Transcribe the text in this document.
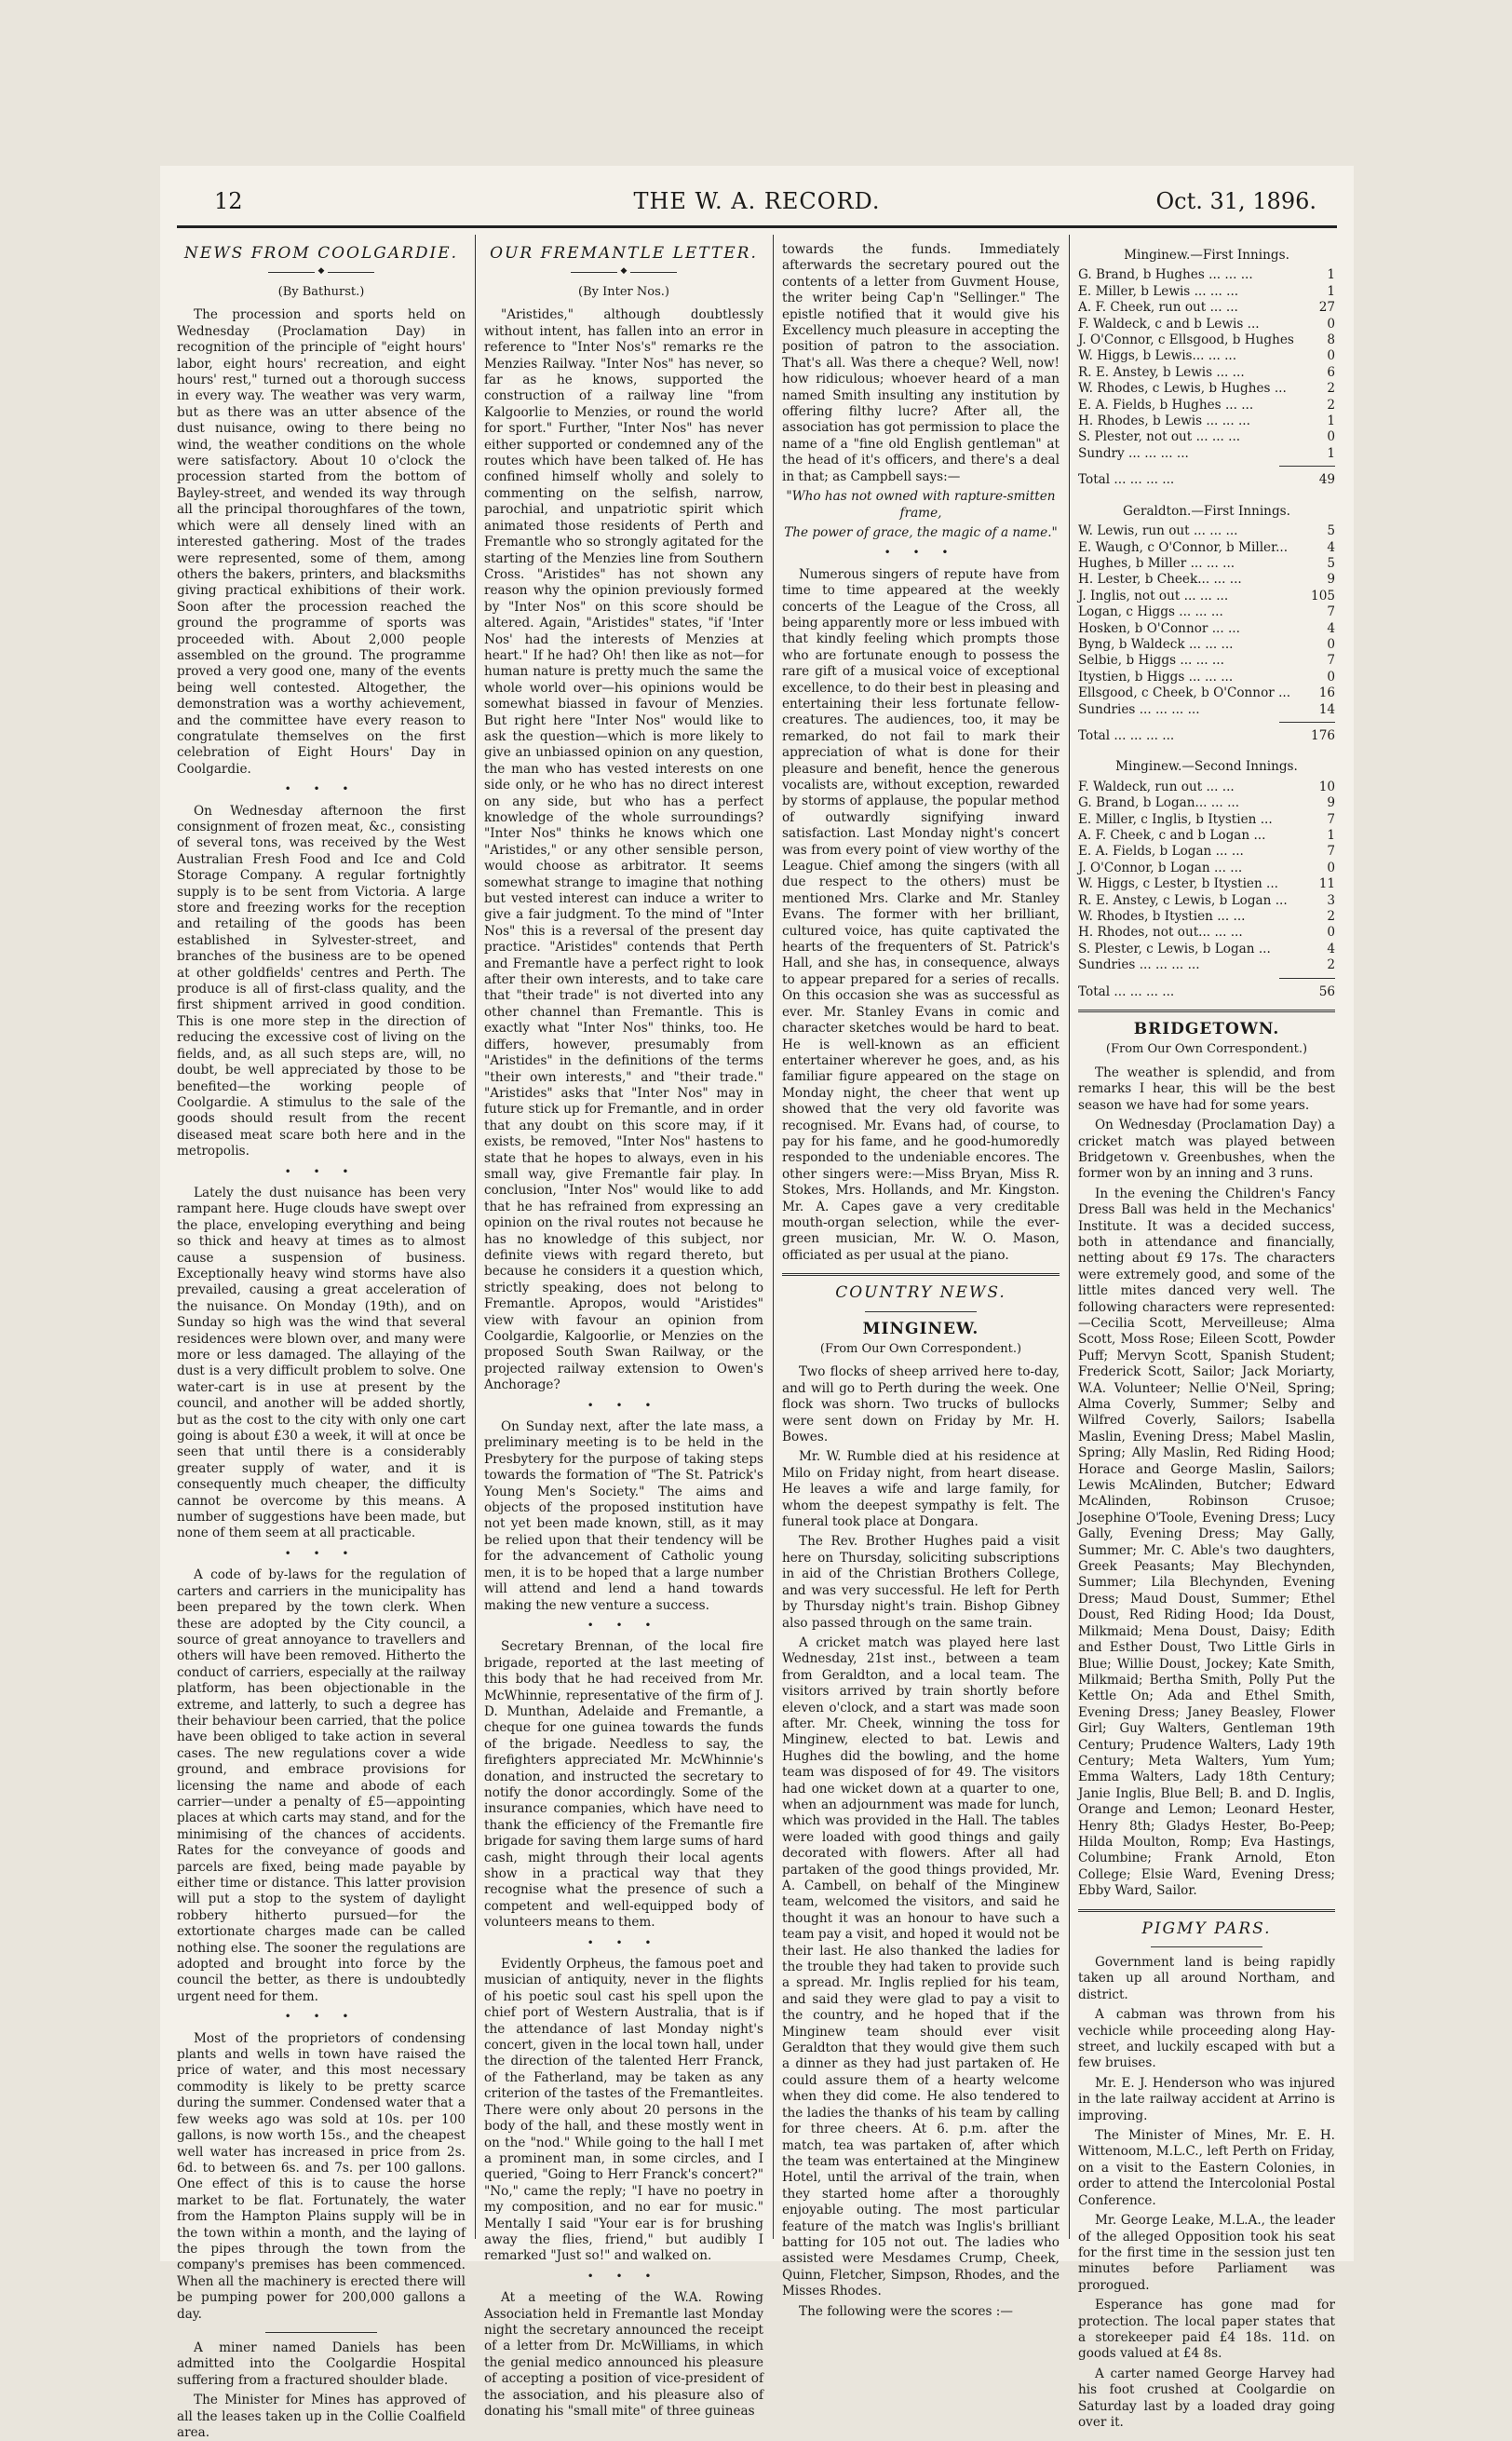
12	THE W. A. RECORD.	Oct. 31, 1896.
NEWS FROM COOLGARDIE.
◆
(By Bathurst.)

The procession and sports held on Wednesday (Proclamation Day) in recognition of the principle of "eight hours' labor, eight hours' recreation, and eight hours' rest," turned out a thorough success in every way. The weather was very warm, but as there was an utter absence of the dust nuisance, owing to there being no wind, the weather conditions on the whole were satisfactory. About 10 o'clock the procession started from the bottom of Bayley-street, and wended its way through all the principal thoroughfares of the town, which were all densely lined with an interested gathering. Most of the trades were represented, some of them, among others the bakers, printers, and blacksmiths giving practical exhibitions of their work. Soon after the procession reached the ground the programme of sports was proceeded with. About 2,000 people assembled on the ground. The programme proved a very good one, many of the events being well contested. Altogether, the demonstration was a worthy achievement, and the committee have every reason to congratulate themselves on the first celebration of Eight Hours' Day in Coolgardie.

• • •

On Wednesday afternoon the first consignment of frozen meat, &c., consisting of several tons, was received by the West Australian Fresh Food and Ice and Cold Storage Company. A regular fortnightly supply is to be sent from Victoria. A large store and freezing works for the reception and retailing of the goods has been established in Sylvester-street, and branches of the business are to be opened at other goldfields' centres and Perth. The produce is all of first-class quality, and the first shipment arrived in good condition. This is one more step in the direction of reducing the excessive cost of living on the fields, and, as all such steps are, will, no doubt, be well appreciated by those to be benefited—the working people of Coolgardie. A stimulus to the sale of the goods should result from the recent diseased meat scare both here and in the metropolis.

• • •

Lately the dust nuisance has been very rampant here. Huge clouds have swept over the place, enveloping everything and being so thick and heavy at times as to almost cause a suspension of business. Exceptionally heavy wind storms have also prevailed, causing a great acceleration of the nuisance. On Monday (19th), and on Sunday so high was the wind that several residences were blown over, and many were more or less damaged. The allaying of the dust is a very difficult problem to solve. One water-cart is in use at present by the council, and another will be added shortly, but as the cost to the city with only one cart going is about £30 a week, it will at once be seen that until there is a considerably greater supply of water, and it is consequently much cheaper, the difficulty cannot be overcome by this means. A number of suggestions have been made, but none of them seem at all practicable.

• • •

A code of by-laws for the regulation of carters and carriers in the municipality has been prepared by the town clerk. When these are adopted by the City council, a source of great annoyance to travellers and others will have been removed. Hitherto the conduct of carriers, especially at the railway platform, has been objectionable in the extreme, and latterly, to such a degree has their behaviour been carried, that the police have been obliged to take action in several cases. The new regulations cover a wide ground, and embrace provisions for licensing the name and abode of each carrier—under a penalty of £5—appointing places at which carts may stand, and for the minimising of the chances of accidents. Rates for the conveyance of goods and parcels are fixed, being made payable by either time or distance. This latter provision will put a stop to the system of daylight robbery hitherto pursued—for the extortionate charges made can be called nothing else. The sooner the regulations are adopted and brought into force by the council the better, as there is undoubtedly urgent need for them.

• • •

Most of the proprietors of condensing plants and wells in town have raised the price of water, and this most necessary commodity is likely to be pretty scarce during the summer. Condensed water that a few weeks ago was sold at 10s. per 100 gallons, is now worth 15s., and the cheapest well water has increased in price from 2s. 6d. to between 6s. and 7s. per 100 gallons. One effect of this is to cause the horse market to be flat. Fortunately, the water from the Hampton Plains supply will be in the town within a month, and the laying of the pipes through the town from the company's premises has been commenced. When all the machinery is erected there will be pumping power for 200,000 gallons a day.

A miner named Daniels has been admitted into the Coolgardie Hospital suffering from a fractured shoulder blade.

The Minister for Mines has approved of all the leases taken up in the Collie Coalfield area.

OUR FREMANTLE LETTER.
◆
(By Inter Nos.)

"Aristides," although doubtlessly without intent, has fallen into an error in reference to "Inter Nos's" remarks re the Menzies Railway. "Inter Nos" has never, so far as he knows, supported the construction of a railway line "from Kalgoorlie to Menzies, or round the world for sport." Further, "Inter Nos" has never either supported or condemned any of the routes which have been talked of. He has confined himself wholly and solely to commenting on the selfish, narrow, parochial, and unpatriotic spirit which animated those residents of Perth and Fremantle who so strongly agitated for the starting of the Menzies line from Southern Cross. "Aristides" has not shown any reason why the opinion previously formed by "Inter Nos" on this score should be altered. Again, "Aristides" states, "if 'Inter Nos' had the interests of Menzies at heart." If he had? Oh! then like as not—for human nature is pretty much the same the whole world over—his opinions would be somewhat biassed in favour of Menzies. But right here "Inter Nos" would like to ask the question—which is more likely to give an unbiassed opinion on any question, the man who has vested interests on one side only, or he who has no direct interest on any side, but who has a perfect knowledge of the whole surroundings? "Inter Nos" thinks he knows which one "Aristides," or any other sensible person, would choose as arbitrator. It seems somewhat strange to imagine that nothing but vested interest can induce a writer to give a fair judgment. To the mind of "Inter Nos" this is a reversal of the present day practice. "Aristides" contends that Perth and Fremantle have a perfect right to look after their own interests, and to take care that "their trade" is not diverted into any other channel than Fremantle. This is exactly what "Inter Nos" thinks, too. He differs, however, presumably from "Aristides" in the definitions of the terms "their own interests," and "their trade." "Aristides" asks that "Inter Nos" may in future stick up for Fremantle, and in order that any doubt on this score may, if it exists, be removed, "Inter Nos" hastens to state that he hopes to always, even in his small way, give Fremantle fair play. In conclusion, "Inter Nos" would like to add that he has refrained from expressing an opinion on the rival routes not because he has no knowledge of this subject, nor definite views with regard thereto, but because he considers it a question which, strictly speaking, does not belong to Fremantle. Apropos, would "Aristides" view with favour an opinion from Coolgardie, Kalgoorlie, or Menzies on the proposed South Swan Railway, or the projected railway extension to Owen's Anchorage?

• • •

On Sunday next, after the late mass, a preliminary meeting is to be held in the Presbytery for the purpose of taking steps towards the formation of "The St. Patrick's Young Men's Society." The aims and objects of the proposed institution have not yet been made known, still, as it may be relied upon that their tendency will be for the advancement of Catholic young men, it is to be hoped that a large number will attend and lend a hand towards making the new venture a success.

• • •

Secretary Brennan, of the local fire brigade, reported at the last meeting of this body that he had received from Mr. McWhinnie, representative of the firm of J. D. Munthan, Adelaide and Fremantle, a cheque for one guinea towards the funds of the brigade. Needless to say, the firefighters appreciated Mr. McWhinnie's donation, and instructed the secretary to notify the donor accordingly. Some of the insurance companies, which have need to thank the efficiency of the Fremantle fire brigade for saving them large sums of hard cash, might through their local agents show in a practical way that they recognise what the presence of such a competent and well-equipped body of volunteers means to them.

• • •

Evidently Orpheus, the famous poet and musician of antiquity, never in the flights of his poetic soul cast his spell upon the chief port of Western Australia, that is if the attendance of last Monday night's concert, given in the local town hall, under the direction of the talented Herr Franck, of the Fatherland, may be taken as any criterion of the tastes of the Fremantleites. There were only about 20 persons in the body of the hall, and these mostly went in on the "nod." While going to the hall I met a prominent man, in some circles, and I queried, "Going to Herr Franck's concert?" "No," came the reply; "I have no poetry in my composition, and no ear for music." Mentally I said "Your ear is for brushing away the flies, friend," but audibly I remarked "Just so!" and walked on.

• • •

At a meeting of the W.A. Rowing Association held in Fremantle last Monday night the secretary announced the receipt of a letter from Dr. McWilliams, in which the genial medico announced his pleasure of accepting a position of vice-president of the association, and his pleasure also of donating his "small mite" of three guineas

towards the funds. Immediately afterwards the secretary poured out the contents of a letter from Guvment House, the writer being Cap'n "Sellinger." The epistle notified that it would give his Excellency much pleasure in accepting the position of patron to the association. That's all. Was there a cheque? Well, now! how ridiculous; whoever heard of a man named Smith insulting any institution by offering filthy lucre? After all, the association has got permission to place the name of a "fine old English gentleman" at the head of it's officers, and there's a deal in that; as Campbell says:—

"Who has not owned with rapture-smitten frame,

The power of grace, the magic of a name."

• • •

Numerous singers of repute have from time to time appeared at the weekly concerts of the League of the Cross, all being apparently more or less imbued with that kindly feeling which prompts those who are fortunate enough to possess the rare gift of a musical voice of exceptional excellence, to do their best in pleasing and entertaining their less fortunate fellow-creatures. The audiences, too, it may be remarked, do not fail to mark their appreciation of what is done for their pleasure and benefit, hence the generous vocalists are, without exception, rewarded by storms of applause, the popular method of outwardly signifying inward satisfaction. Last Monday night's concert was from every point of view worthy of the League. Chief among the singers (with all due respect to the others) must be mentioned Mrs. Clarke and Mr. Stanley Evans. The former with her brilliant, cultured voice, has quite captivated the hearts of the frequenters of St. Patrick's Hall, and she has, in consequence, always to appear prepared for a series of recalls. On this occasion she was as successful as ever. Mr. Stanley Evans in comic and character sketches would be hard to beat. He is well-known as an efficient entertainer wherever he goes, and, as his familiar figure appeared on the stage on Monday night, the cheer that went up showed that the very old favorite was recognised. Mr. Evans had, of course, to pay for his fame, and he good-humoredly responded to the undeniable encores. The other singers were:—Miss Bryan, Miss R. Stokes, Mrs. Hollands, and Mr. Kingston. Mr. A. Capes gave a very creditable mouth-organ selection, while the ever-green musician, Mr. W. O. Mason, officiated as per usual at the piano.

COUNTRY NEWS.
MINGINEW.
(From Our Own Correspondent.)

Two flocks of sheep arrived here to-day, and will go to Perth during the week. One flock was shorn. Two trucks of bullocks were sent down on Friday by Mr. H. Bowes.

Mr. W. Rumble died at his residence at Milo on Friday night, from heart disease. He leaves a wife and large family, for whom the deepest sympathy is felt. The funeral took place at Dongara.

The Rev. Brother Hughes paid a visit here on Thursday, soliciting subscriptions in aid of the Christian Brothers College, and was very successful. He left for Perth by Thursday night's train. Bishop Gibney also passed through on the same train.

A cricket match was played here last Wednesday, 21st inst., between a team from Geraldton, and a local team. The visitors arrived by train shortly before eleven o'clock, and a start was made soon after. Mr. Cheek, winning the toss for Minginew, elected to bat. Lewis and Hughes did the bowling, and the home team was disposed of for 49. The visitors had one wicket down at a quarter to one, when an adjournment was made for lunch, which was provided in the Hall. The tables were loaded with good things and gaily decorated with flowers. After all had partaken of the good things provided, Mr. A. Cambell, on behalf of the Minginew team, welcomed the visitors, and said he thought it was an honour to have such a team pay a visit, and hoped it would not be their last. He also thanked the ladies for the trouble they had taken to provide such a spread. Mr. Inglis replied for his team, and said they were glad to pay a visit to the country, and he hoped that if the Minginew team should ever visit Geraldton that they would give them such a dinner as they had just partaken of. He could assure them of a hearty welcome when they did come. He also tendered to the ladies the thanks of his team by calling for three cheers. At 6. p.m. after the match, tea was partaken of, after which the team was entertained at the Minginew Hotel, until the arrival of the train, when they started home after a thoroughly enjoyable outing. The most particular feature of the match was Inglis's brilliant batting for 105 not out. The ladies who assisted were Mesdames Crump, Cheek, Quinn, Fletcher, Simpson, Rhodes, and the Misses Rhodes.

The following were the scores :—

Minginew.—First Innings.
G. Brand, b Hughes ... ... ...	1
E. Miller, b Lewis ... ... ...	1
A. F. Cheek, run out ... ...	27
F. Waldeck, c and b Lewis ...	0
J. O'Connor, c Ellsgood, b Hughes	8
W. Higgs, b Lewis... ... ...	0
R. E. Anstey, b Lewis ... ...	6
W. Rhodes, c Lewis, b Hughes ...	2
E. A. Fields, b Hughes ... ...	2
H. Rhodes, b Lewis ... ... ...	1
S. Plester, not out ... ... ...	0
Sundry ... ... ... ...	1
Total ... ... ... ...	49
Geraldton.—First Innings.
W. Lewis, run out ... ... ...	5
E. Waugh, c O'Connor, b Miller...	4
Hughes, b Miller ... ... ...	5
H. Lester, b Cheek... ... ...	9
J. Inglis, not out ... ... ...	105
Logan, c Higgs ... ... ...	7
Hosken, b O'Connor ... ...	4
Byng, b Waldeck ... ... ...	0
Selbie, b Higgs ... ... ...	7
Itystien, b Higgs ... ... ...	0
Ellsgood, c Cheek, b O'Connor ...	16
Sundries ... ... ... ...	14
Total ... ... ... ...	176
Minginew.—Second Innings.
F. Waldeck, run out ... ...	10
G. Brand, b Logan... ... ...	9
E. Miller, c Inglis, b Itystien ...	7
A. F. Cheek, c and b Logan ...	1
E. A. Fields, b Logan ... ...	7
J. O'Connor, b Logan ... ...	0
W. Higgs, c Lester, b Itystien ...	11
R. E. Anstey, c Lewis, b Logan ...	3
W. Rhodes, b Itystien ... ...	2
H. Rhodes, not out... ... ...	0
S. Plester, c Lewis, b Logan ...	4
Sundries ... ... ... ...	2
Total ... ... ... ...	56
BRIDGETOWN.
(From Our Own Correspondent.)

The weather is splendid, and from remarks I hear, this will be the best season we have had for some years.

On Wednesday (Proclamation Day) a cricket match was played between Bridgetown v. Greenbushes, when the former won by an inning and 3 runs.

In the evening the Children's Fancy Dress Ball was held in the Mechanics' Institute. It was a decided success, both in attendance and financially, netting about £9 17s. The characters were extremely good, and some of the little mites danced very well. The following characters were represented:—Cecilia Scott, Merveilleuse; Alma Scott, Moss Rose; Eileen Scott, Powder Puff; Mervyn Scott, Spanish Student; Frederick Scott, Sailor; Jack Moriarty, W.A. Volunteer; Nellie O'Neil, Spring; Alma Coverly, Summer; Selby and Wilfred Coverly, Sailors; Isabella Maslin, Evening Dress; Mabel Maslin, Spring; Ally Maslin, Red Riding Hood; Horace and George Maslin, Sailors; Lewis McAlinden, Butcher; Edward McAlinden, Robinson Crusoe; Josephine O'Toole, Evening Dress; Lucy Gally, Evening Dress; May Gally, Summer; Mr. C. Able's two daughters, Greek Peasants; May Blechynden, Summer; Lila Blechynden, Evening Dress; Maud Doust, Summer; Ethel Doust, Red Riding Hood; Ida Doust, Milkmaid; Mena Doust, Daisy; Edith and Esther Doust, Two Little Girls in Blue; Willie Doust, Jockey; Kate Smith, Milkmaid; Bertha Smith, Polly Put the Kettle On; Ada and Ethel Smith, Evening Dress; Janey Beasley, Flower Girl; Guy Walters, Gentleman 19th Century; Prudence Walters, Lady 19th Century; Meta Walters, Yum Yum; Emma Walters, Lady 18th Century; Janie Inglis, Blue Bell; B. and D. Inglis, Orange and Lemon; Leonard Hester, Henry 8th; Gladys Hester, Bo-Peep; Hilda Moulton, Romp; Eva Hastings, Columbine; Frank Arnold, Eton College; Elsie Ward, Evening Dress; Ebby Ward, Sailor.

PIGMY PARS.

Government land is being rapidly taken up all around Northam, and district.

A cabman was thrown from his vechicle while proceeding along Hay-street, and luckily escaped with but a few bruises.

Mr. E. J. Henderson who was injured in the late railway accident at Arrino is improving.

The Minister of Mines, Mr. E. H. Wittenoom, M.L.C., left Perth on Friday, on a visit to the Eastern Colonies, in order to attend the Intercolonial Postal Conference.

Mr. George Leake, M.L.A., the leader of the alleged Opposition took his seat for the first time in the session just ten minutes before Parliament was prorogued.

Esperance has gone mad for protection. The local paper states that a storekeeper paid £4 18s. 11d. on goods valued at £4 8s.

A carter named George Harvey had his foot crushed at Coolgardie on Saturday last by a loaded dray going over it.
